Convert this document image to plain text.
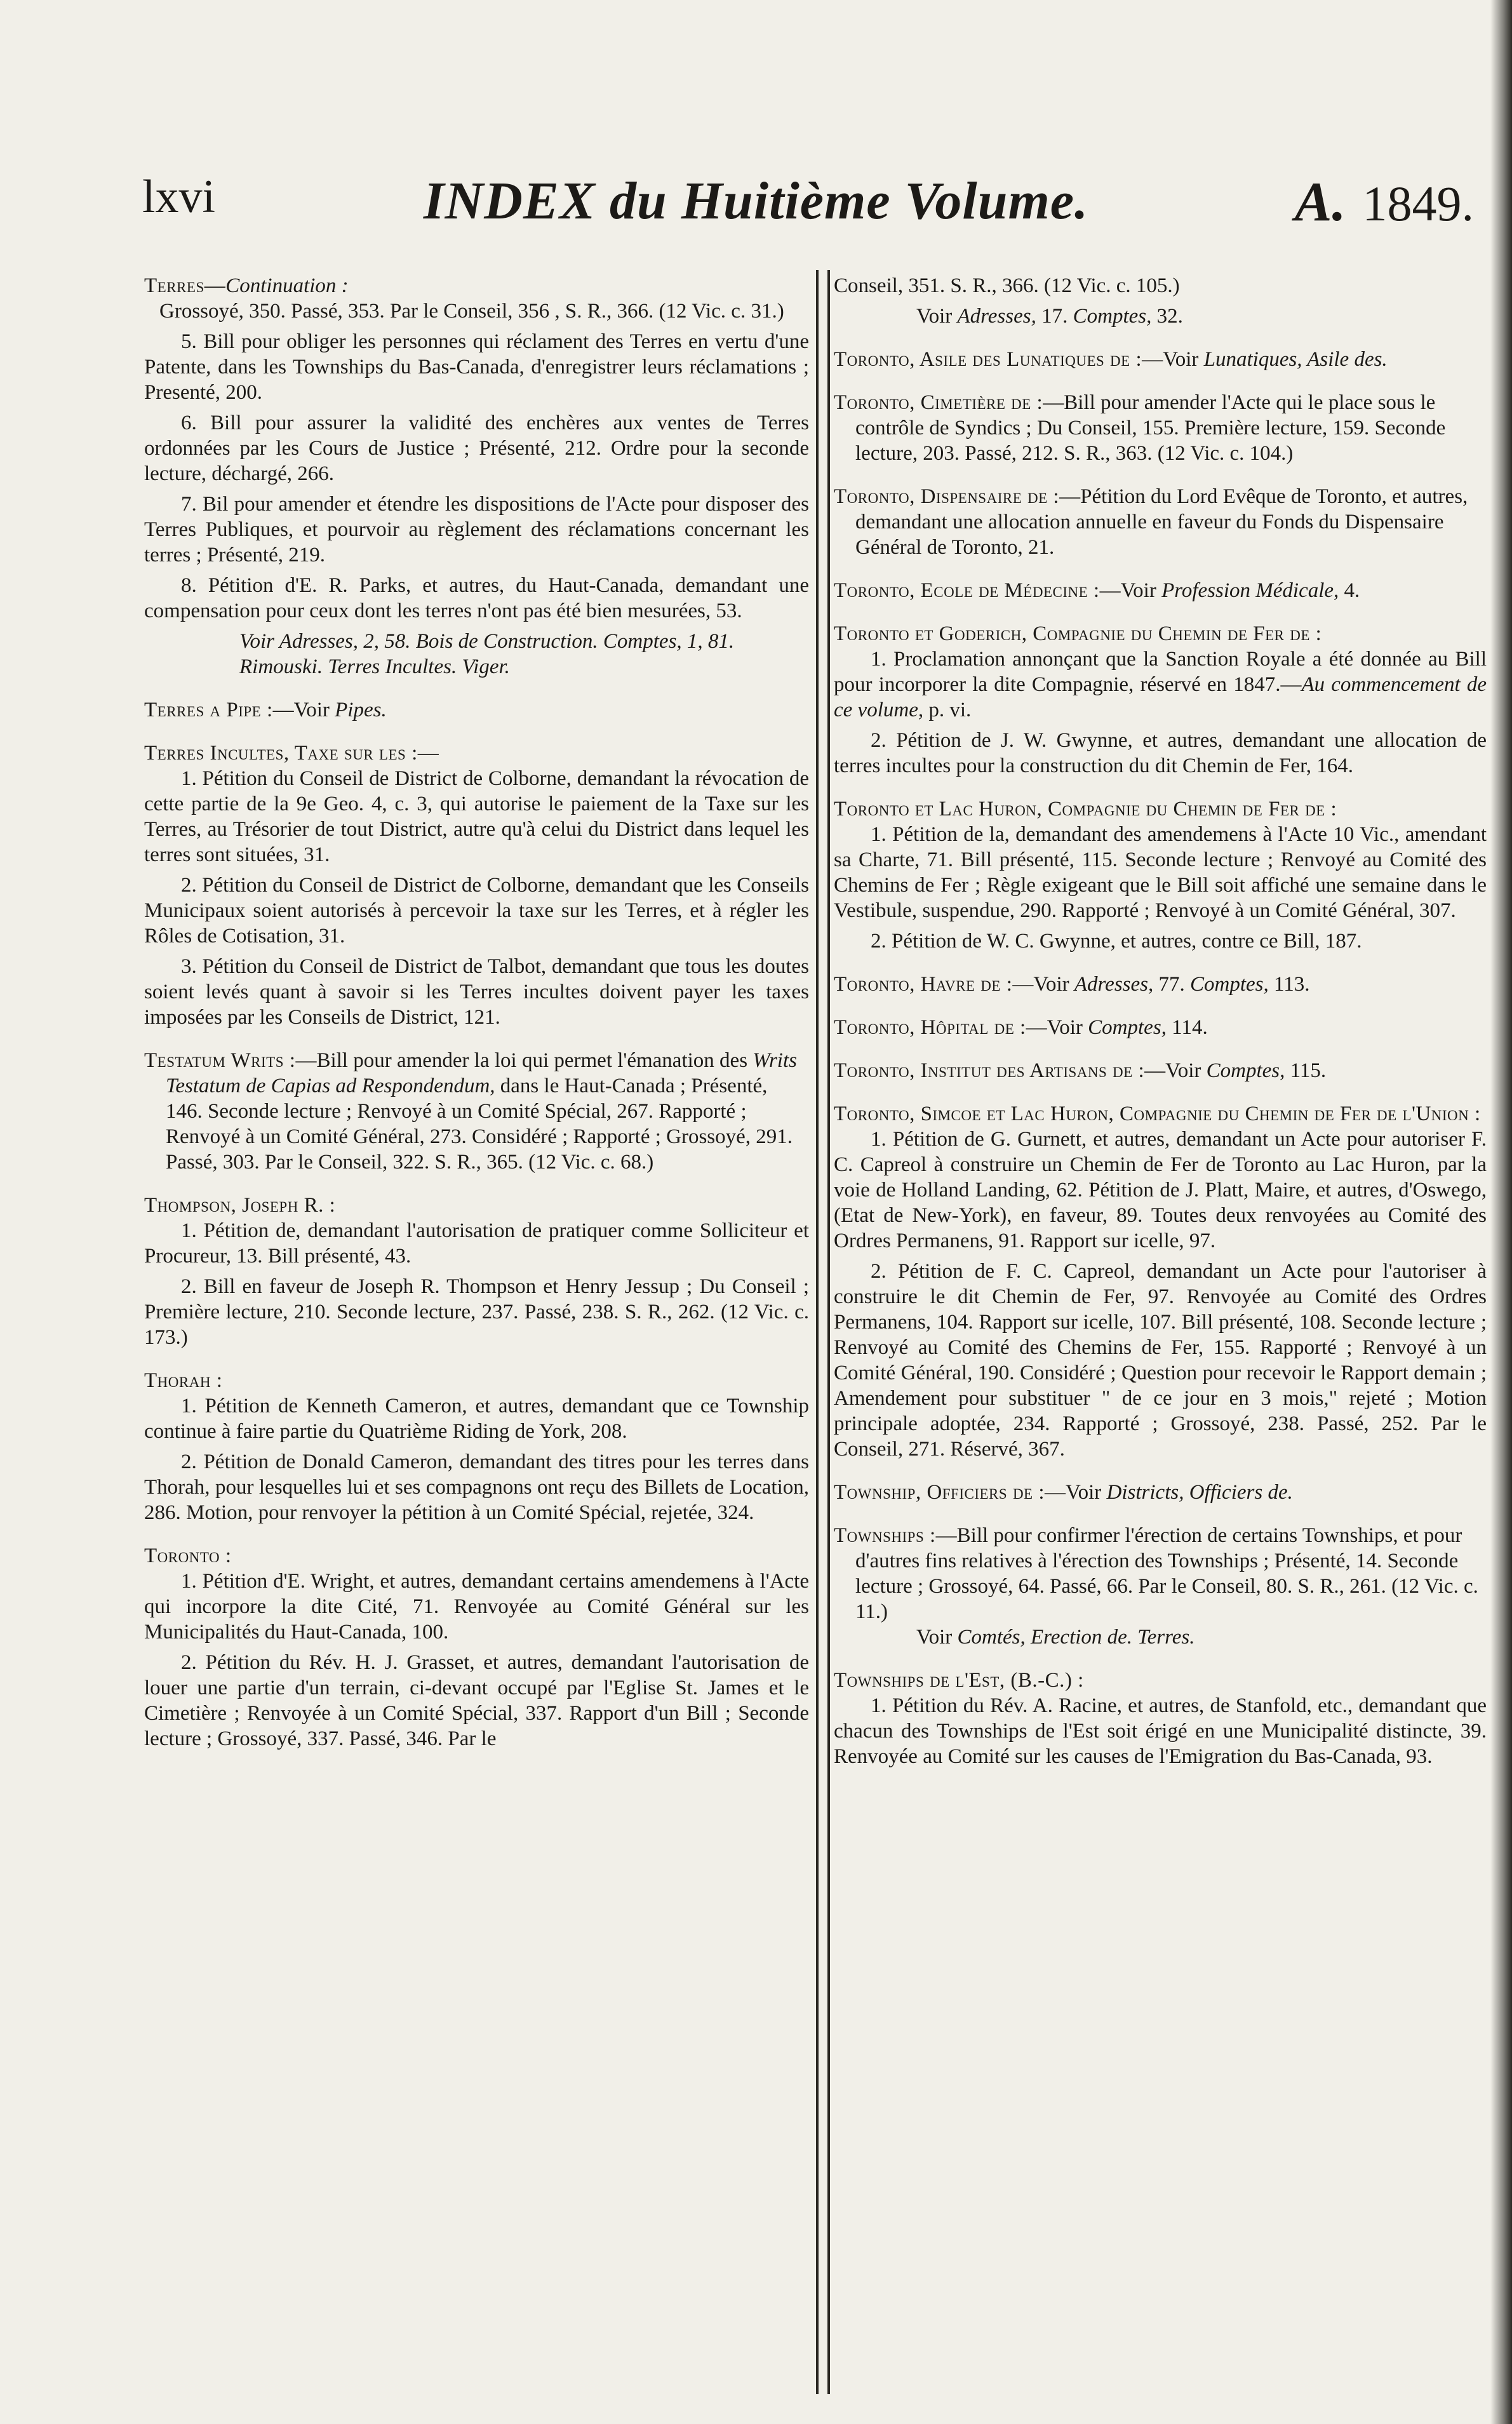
lxvi	INDEX du Huitième Volume.	A. 1849.

Terres—Continuation :

Grossoyé, 350. Passé, 353. Par le Conseil, 356 , S. R., 366. (12 Vic. c. 31.)

5. Bill pour obliger les personnes qui réclament des Terres en vertu d'une Patente, dans les Townships du Bas-Canada, d'enregistrer leurs réclamations ; Presenté, 200.

6. Bill pour assurer la validité des enchères aux ventes de Terres ordonnées par les Cours de Justice ; Présenté, 212. Ordre pour la seconde lecture, déchargé, 266.

7. Bil pour amender et étendre les dispositions de l'Acte pour disposer des Terres Publiques, et pourvoir au règlement des réclamations concernant les terres ; Présenté, 219.

8. Pétition d'E. R. Parks, et autres, du Haut-Canada, demandant une compensation pour ceux dont les terres n'ont pas été bien mesurées, 53.

Voir Adresses, 2, 58. Bois de Construction. Comptes, 1, 81. Rimouski. Terres Incultes. Viger.

Terres a Pipe :—Voir Pipes.

Terres Incultes, Taxe sur les :—

1. Pétition du Conseil de District de Colborne, demandant la révocation de cette partie de la 9e Geo. 4, c. 3, qui autorise le paiement de la Taxe sur les Terres, au Trésorier de tout District, autre qu'à celui du District dans lequel les terres sont situées, 31.

2. Pétition du Conseil de District de Colborne, demandant que les Conseils Municipaux soient autorisés à percevoir la taxe sur les Terres, et à régler les Rôles de Cotisation, 31.

3. Pétition du Conseil de District de Talbot, demandant que tous les doutes soient levés quant à savoir si les Terres incultes doivent payer les taxes imposées par les Conseils de District, 121.

Testatum Writs :—Bill pour amender la loi qui permet l'émanation des Writs Testatum de Capias ad Respondendum, dans le Haut-Canada ; Présenté, 146. Seconde lecture ; Renvoyé à un Comité Spécial, 267. Rapporté ; Renvoyé à un Comité Général, 273. Considéré ; Rapporté ; Grossoyé, 291. Passé, 303. Par le Conseil, 322. S. R., 365. (12 Vic. c. 68.)

Thompson, Joseph R. :

1. Pétition de, demandant l'autorisation de pratiquer comme Solliciteur et Procureur, 13. Bill présenté, 43.

2. Bill en faveur de Joseph R. Thompson et Henry Jessup ; Du Conseil ; Première lecture, 210. Seconde lecture, 237. Passé, 238. S. R., 262. (12 Vic. c. 173.)

Thorah :

1. Pétition de Kenneth Cameron, et autres, demandant que ce Township continue à faire partie du Quatrième Riding de York, 208.

2. Pétition de Donald Cameron, demandant des titres pour les terres dans Thorah, pour lesquelles lui et ses compagnons ont reçu des Billets de Location, 286. Motion, pour renvoyer la pétition à un Comité Spécial, rejetée, 324.

Toronto :

1. Pétition d'E. Wright, et autres, demandant certains amendemens à l'Acte qui incorpore la dite Cité, 71. Renvoyée au Comité Général sur les Municipalités du Haut-Canada, 100.

2. Pétition du Rév. H. J. Grasset, et autres, demandant l'autorisation de louer une partie d'un terrain, ci-devant occupé par l'Eglise St. James et le Cimetière ; Renvoyée à un Comité Spécial, 337. Rapport d'un Bill ; Seconde lecture ; Grossoyé, 337. Passé, 346. Par le

Conseil, 351. S. R., 366. (12 Vic. c. 105.)

Voir Adresses, 17. Comptes, 32.

Toronto, Asile des Lunatiques de :—Voir Lunatiques, Asile des.

Toronto, Cimetière de :—Bill pour amender l'Acte qui le place sous le contrôle de Syndics ; Du Conseil, 155. Première lecture, 159. Seconde lecture, 203. Passé, 212. S. R., 363. (12 Vic. c. 104.)

Toronto, Dispensaire de :—Pétition du Lord Evêque de Toronto, et autres, demandant une allocation annuelle en faveur du Fonds du Dispensaire Général de Toronto, 21.

Toronto, Ecole de Médecine :—Voir Profession Médicale, 4.

Toronto et Goderich, Compagnie du Chemin de Fer de :

1. Proclamation annonçant que la Sanction Royale a été donnée au Bill pour incorporer la dite Compagnie, réservé en 1847.—Au commencement de ce volume, p. vi.

2. Pétition de J. W. Gwynne, et autres, demandant une allocation de terres incultes pour la construction du dit Chemin de Fer, 164.

Toronto et Lac Huron, Compagnie du Chemin de Fer de :

1. Pétition de la, demandant des amendemens à l'Acte 10 Vic., amendant sa Charte, 71. Bill présenté, 115. Seconde lecture ; Renvoyé au Comité des Chemins de Fer ; Règle exigeant que le Bill soit affiché une semaine dans le Vestibule, suspendue, 290. Rapporté ; Renvoyé à un Comité Général, 307.

2. Pétition de W. C. Gwynne, et autres, contre ce Bill, 187.

Toronto, Havre de :—Voir Adresses, 77. Comptes, 113.

Toronto, Hôpital de :—Voir Comptes, 114.

Toronto, Institut des Artisans de :—Voir Comptes, 115.

Toronto, Simcoe et Lac Huron, Compagnie du Chemin de Fer de l'Union :

1. Pétition de G. Gurnett, et autres, demandant un Acte pour autoriser F. C. Capreol à construire un Chemin de Fer de Toronto au Lac Huron, par la voie de Holland Landing, 62. Pétition de J. Platt, Maire, et autres, d'Oswego, (Etat de New-York), en faveur, 89. Toutes deux renvoyées au Comité des Ordres Permanens, 91. Rapport sur icelle, 97.

2. Pétition de F. C. Capreol, demandant un Acte pour l'autoriser à construire le dit Chemin de Fer, 97. Renvoyée au Comité des Ordres Permanens, 104. Rapport sur icelle, 107. Bill présenté, 108. Seconde lecture ; Renvoyé au Comité des Chemins de Fer, 155. Rapporté ; Renvoyé à un Comité Général, 190. Considéré ; Question pour recevoir le Rapport demain ; Amendement pour substituer " de ce jour en 3 mois," rejeté ; Motion principale adoptée, 234. Rapporté ; Grossoyé, 238. Passé, 252. Par le Conseil, 271. Réservé, 367.

Township, Officiers de :—Voir Districts, Officiers de.

Townships :—Bill pour confirmer l'érection de certains Townships, et pour d'autres fins relatives à l'érection des Townships ; Présenté, 14. Seconde lecture ; Grossoyé, 64. Passé, 66. Par le Conseil, 80. S. R., 261. (12 Vic. c. 11.)

Voir Comtés, Erection de. Terres.

Townships de l'Est, (B.-C.) :

1. Pétition du Rév. A. Racine, et autres, de Stanfold, etc., demandant que chacun des Townships de l'Est soit érigé en une Municipalité distincte, 39. Renvoyée au Comité sur les causes de l'Emigration du Bas-Canada, 93.
